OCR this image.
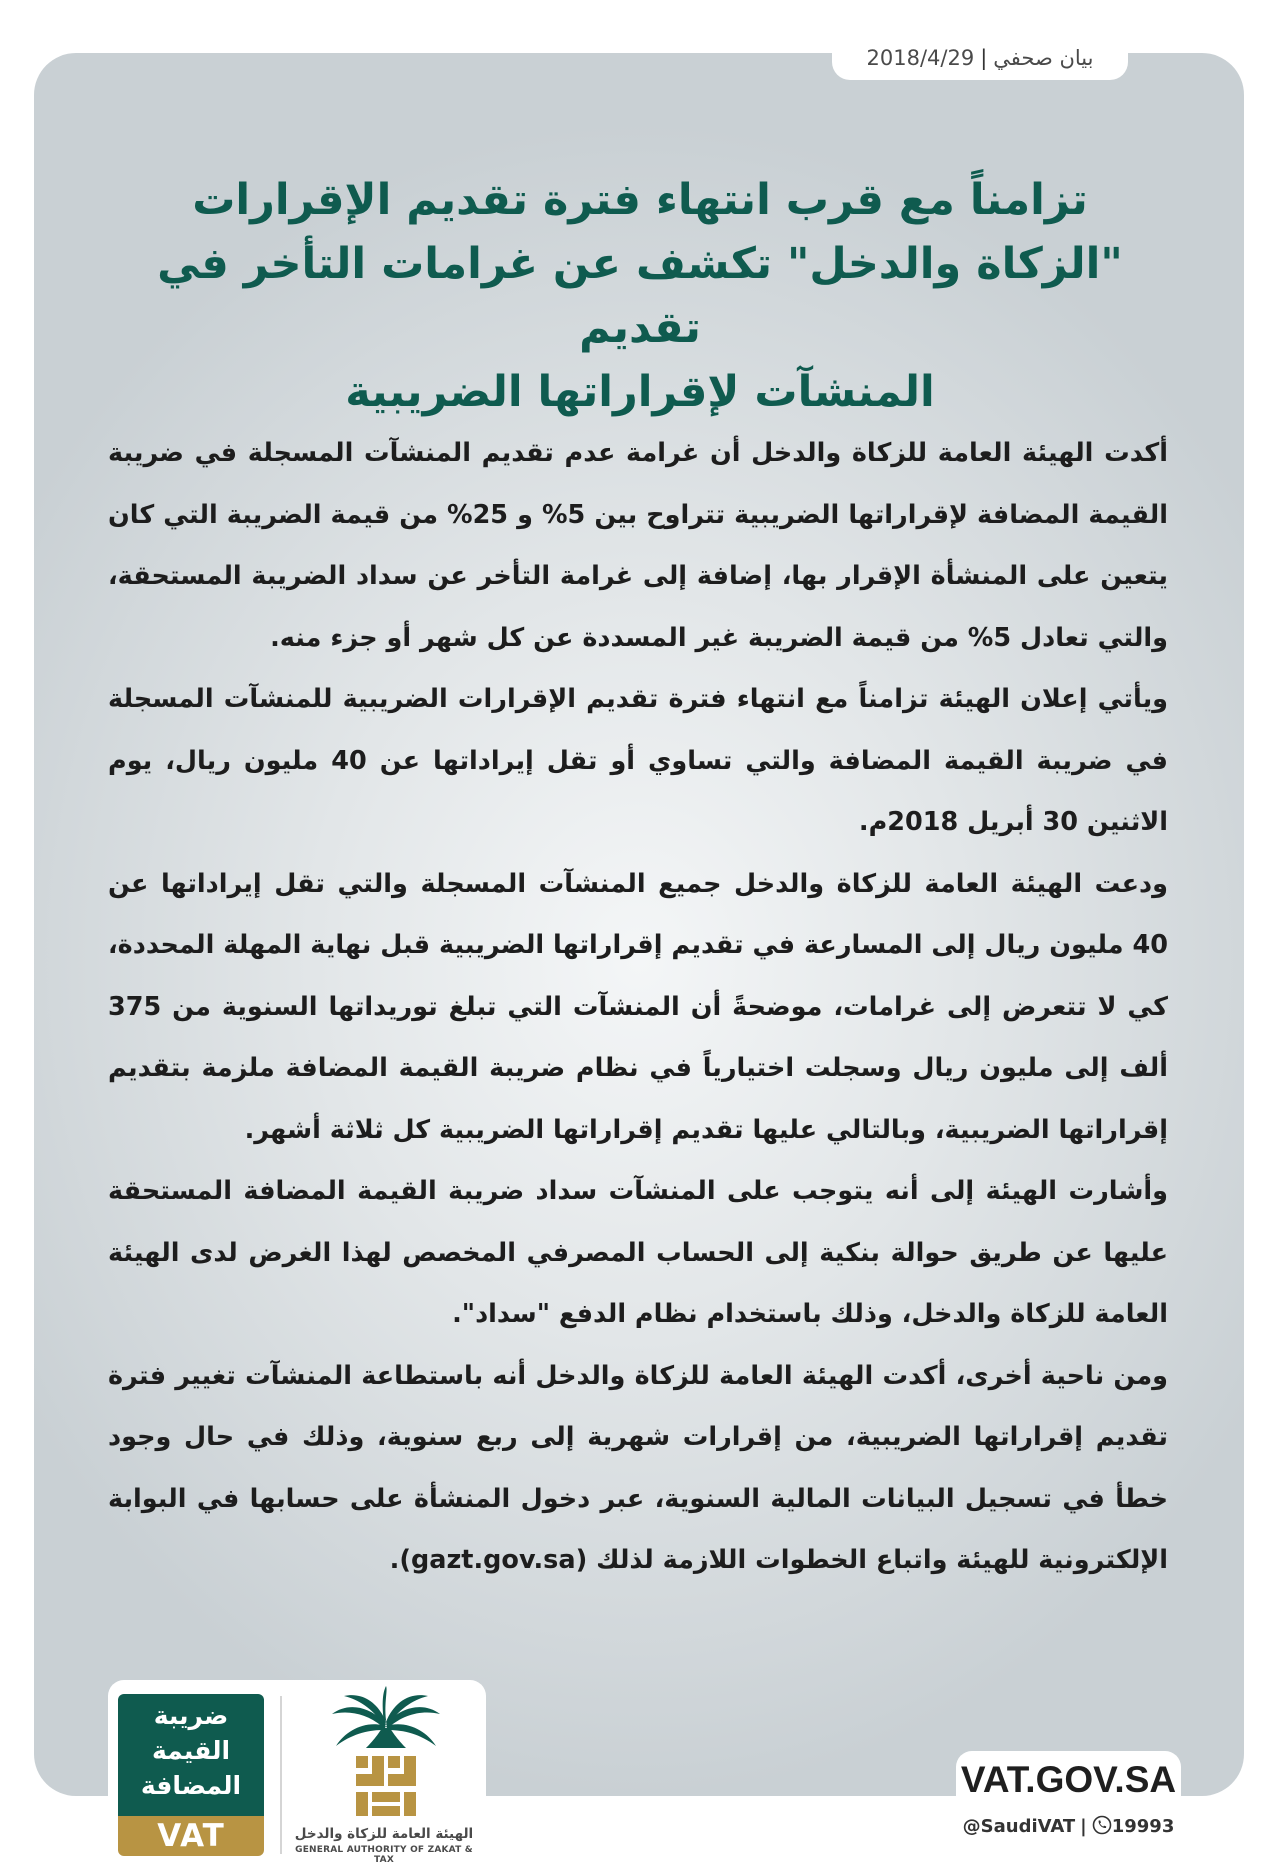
بيان صحفي
|
2018/4/29
تزامناً مع قرب انتهاء فترة تقديم الإقرارات
"الزكاة والدخل" تكشف عن غرامات التأخر في تقديم
المنشآت لإقراراتها الضريبية

أكدت الهيئة العامة للزكاة والدخل أن غرامة عدم تقديم المنشآت المسجلة في ضريبة القيمة المضافة لإقراراتها الضريبية تتراوح بين 5% و 25% من قيمة الضريبة التي كان يتعين على المنشأة الإقرار بها، إضافة إلى غرامة التأخر عن سداد الضريبة المستحقة، والتي تعادل 5% من قيمة الضريبة غير المسددة عن كل شهر أو جزء منه.

ويأتي إعلان الهيئة تزامناً مع انتهاء فترة تقديم الإقرارات الضريبية للمنشآت المسجلة في ضريبة القيمة المضافة والتي تساوي أو تقل إيراداتها عن 40 مليون ريال، يوم الاثنين 30 أبريل 2018م.

ودعت الهيئة العامة للزكاة والدخل جميع المنشآت المسجلة والتي تقل إيراداتها عن 40 مليون ريال إلى المسارعة في تقديم إقراراتها الضريبية قبل نهاية المهلة المحددة، كي لا تتعرض إلى غرامات، موضحةً أن المنشآت التي تبلغ توريداتها السنوية من 375 ألف إلى مليون ريال وسجلت اختيارياً في نظام ضريبة القيمة المضافة ملزمة بتقديم إقراراتها الضريبية، وبالتالي عليها تقديم إقراراتها الضريبية كل ثلاثة أشهر.

وأشارت الهيئة إلى أنه يتوجب على المنشآت سداد ضريبة القيمة المضافة المستحقة عليها عن طريق حوالة بنكية إلى الحساب المصرفي المخصص لهذا الغرض لدى الهيئة العامة للزكاة والدخل، وذلك باستخدام نظام الدفع "سداد".

ومن ناحية أخرى، أكدت الهيئة العامة للزكاة والدخل أنه باستطاعة المنشآت تغيير فترة تقديم إقراراتها الضريبية، من إقرارات شهرية إلى ربع سنوية، وذلك في حال وجود خطأ في تسجيل البيانات المالية السنوية، عبر دخول المنشأة على حسابها في البوابة الإلكترونية للهيئة واتباع الخطوات اللازمة لذلك (gazt.gov.sa).

ضريبة
القيمة
المضافة
VAT	الهيئة العامة للزكاة والدخل
GENERAL AUTHORITY OF ZAKAT & TAX
VAT.GOV.SA
@SaudiVAT | 19993
